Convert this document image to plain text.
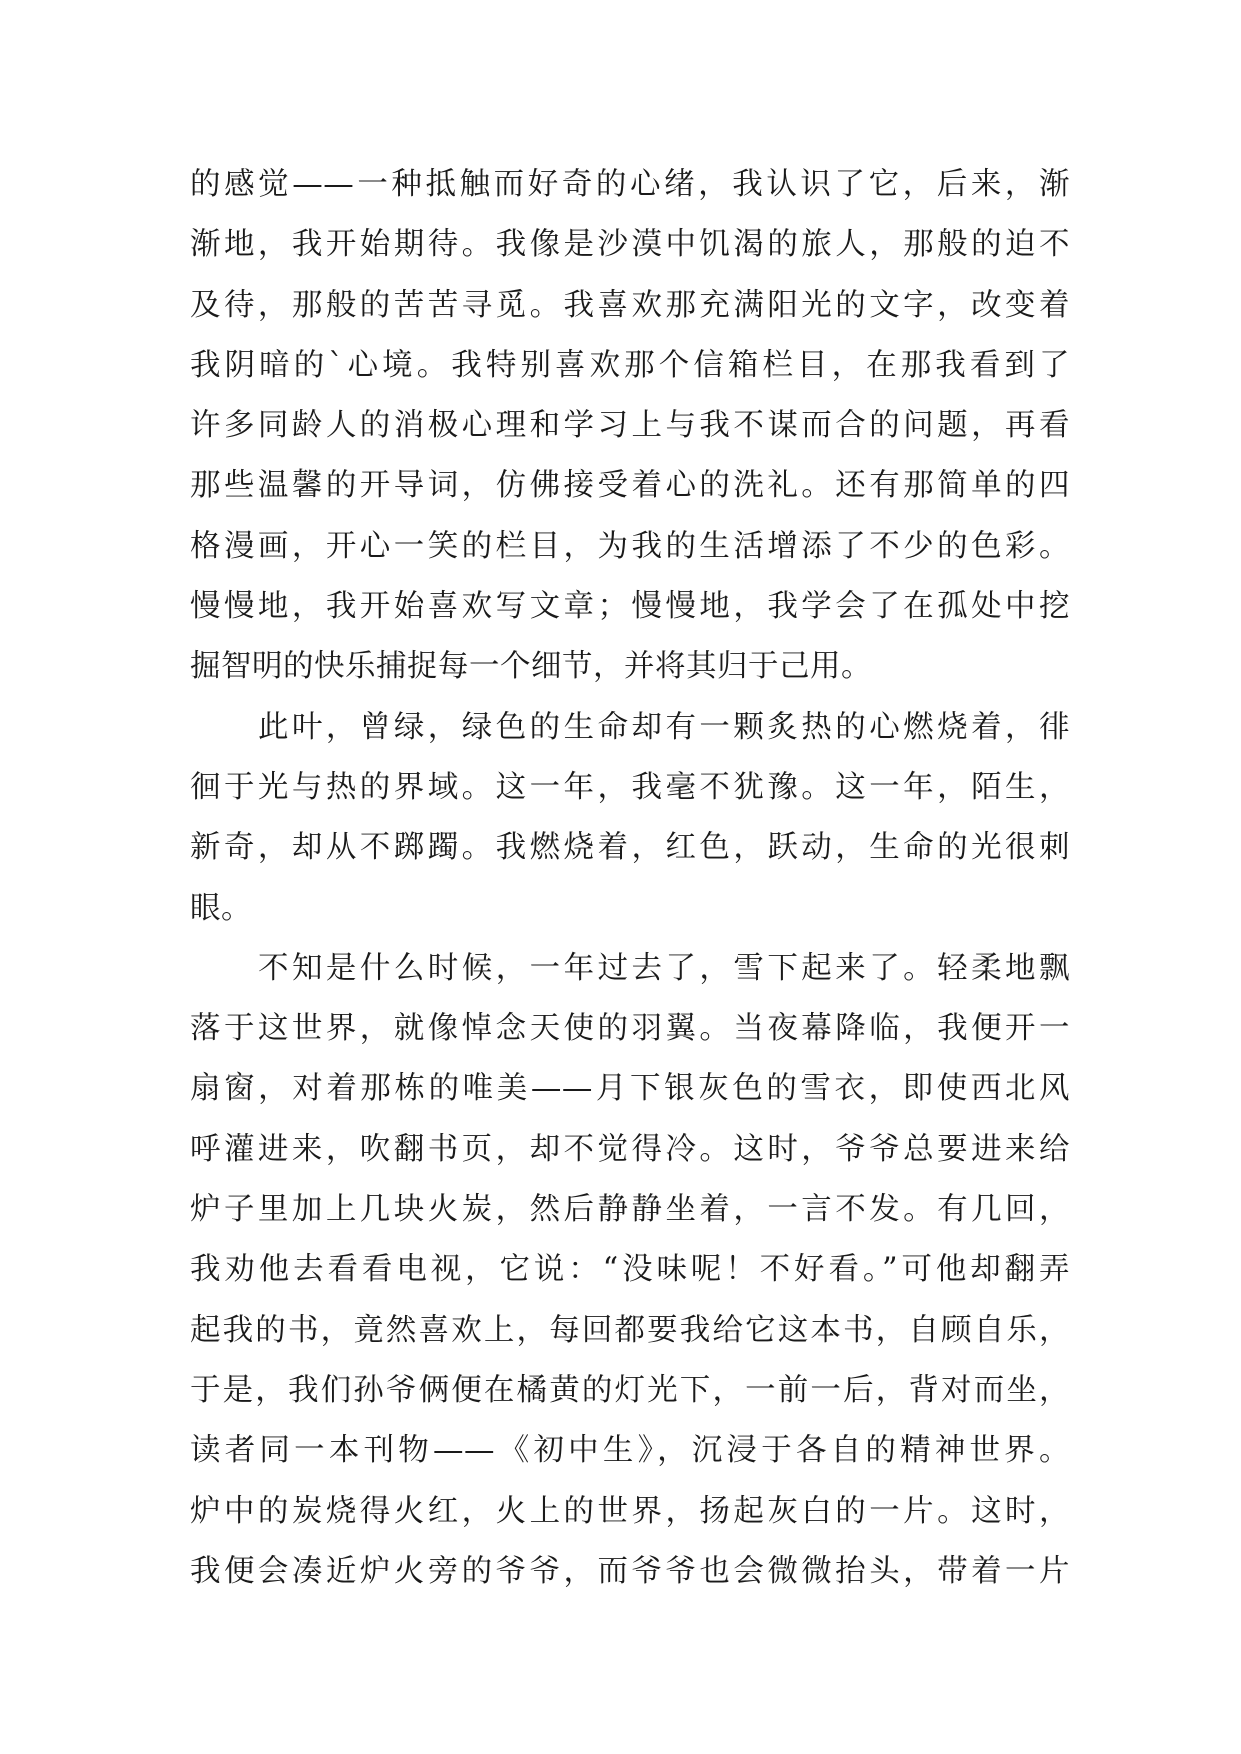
的感觉——一种抵触而好奇的心绪，我认识了它，后来，渐
渐地，我开始期待。我像是沙漠中饥渴的旅人，那般的迫不
及待，那般的苦苦寻觅。我喜欢那充满阳光的文字，改变着
我阴暗的`心境。我特别喜欢那个信箱栏目，在那我看到了
许多同龄人的消极心理和学习上与我不谋而合的问题，再看
那些温馨的开导词，仿佛接受着心的洗礼。还有那简单的四
格漫画，开心一笑的栏目，为我的生活增添了不少的色彩。
慢慢地，我开始喜欢写文章；慢慢地，我学会了在孤处中挖
掘智明的快乐捕捉每一个细节，并将其归于己用。
此叶，曾绿，绿色的生命却有一颗炙热的心燃烧着，徘
徊于光与热的界域。这一年，我毫不犹豫。这一年，陌生，
新奇，却从不踯躅。我燃烧着，红色，跃动，生命的光很刺
眼。
不知是什么时候，一年过去了，雪下起来了。轻柔地飘
落于这世界，就像悼念天使的羽翼。当夜幕降临，我便开一
扇窗，对着那栋的唯美——月下银灰色的雪衣，即使西北风
呼灌进来，吹翻书页，却不觉得冷。这时，爷爷总要进来给
炉子里加上几块火炭，然后静静坐着，一言不发。有几回，
我劝他去看看电视，它说：“没味呢！不好看。”可他却翻弄
起我的书，竟然喜欢上，每回都要我给它这本书，自顾自乐，
于是，我们孙爷俩便在橘黄的灯光下，一前一后，背对而坐，
读者同一本刊物——《初中生》，沉浸于各自的精神世界。
炉中的炭烧得火红，火上的世界，扬起灰白的一片。这时，
我便会凑近炉火旁的爷爷，而爷爷也会微微抬头，带着一片
